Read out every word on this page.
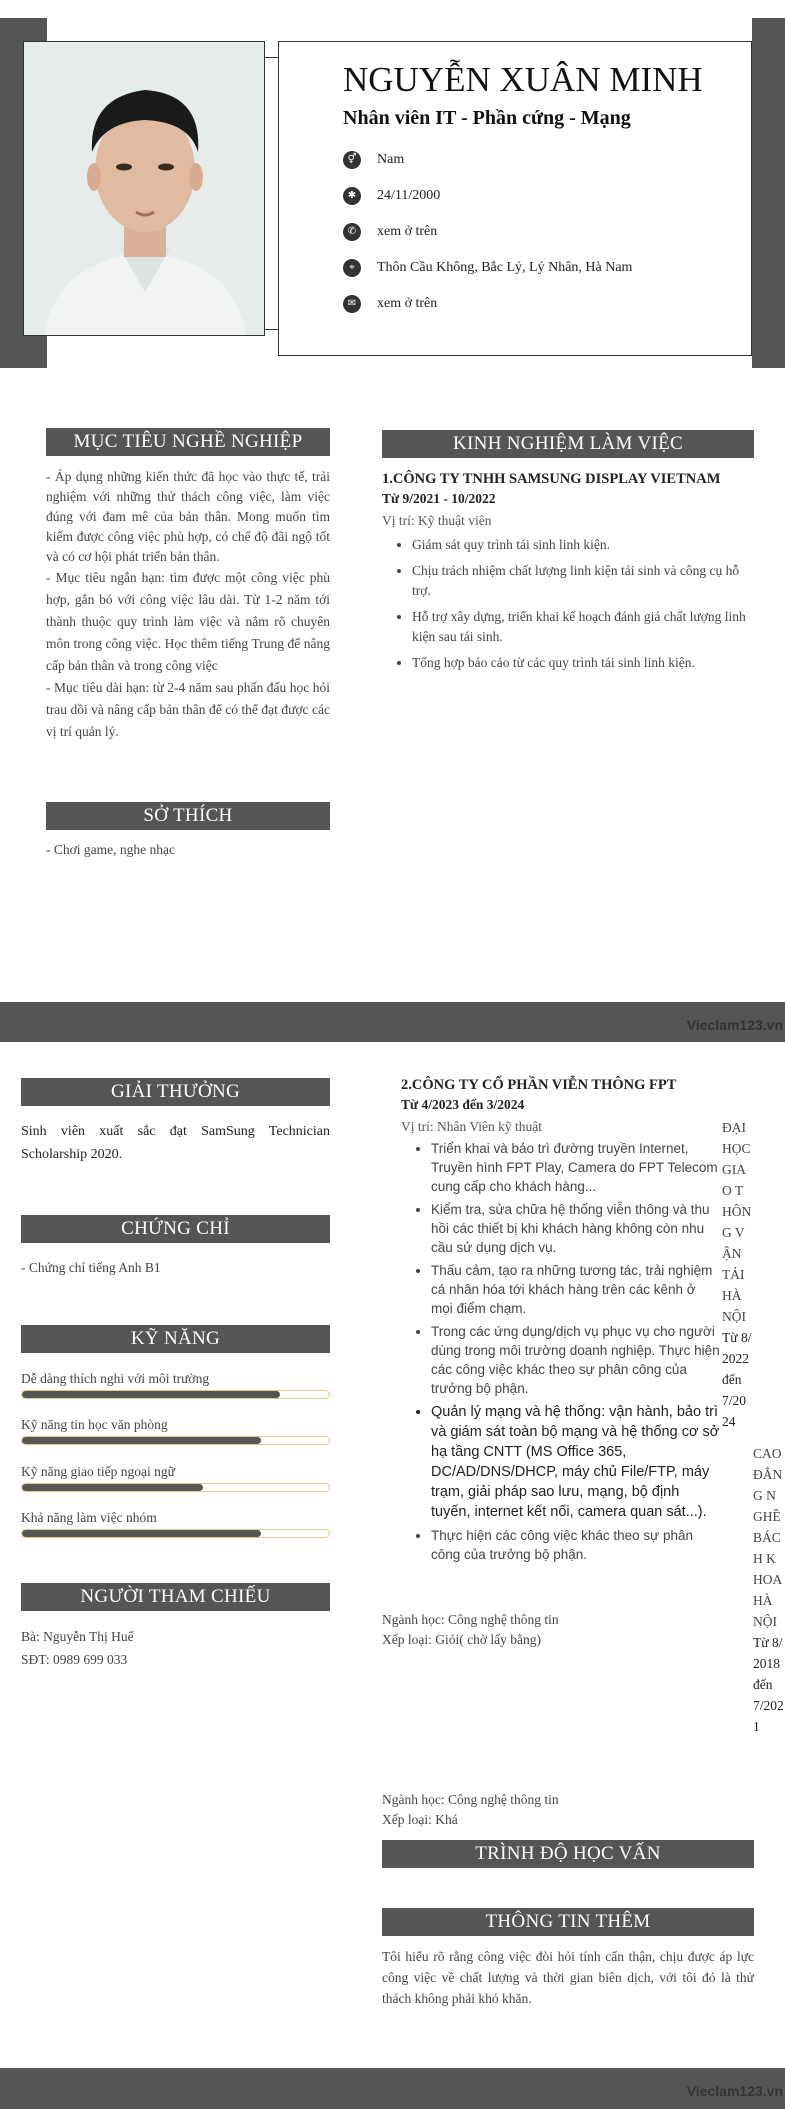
NGUYỄN XUÂN MINH
Nhân viên IT - Phần cứng - Mạng
⚥	Nam
✱	24/11/2000
✆	xem ở trên
⌖	Thôn Cầu Không, Bắc Lý, Lý Nhân, Hà Nam
✉	xem ở trên
MỤC TIÊU NGHỀ NGHIỆP

- Áp dụng những kiến thức đã học vào thực tế, trải nghiệm với những thử thách công việc, làm việc đúng với đam mê của bản thân. Mong muốn tìm kiếm được công việc phù hợp, có chế độ đãi ngộ tốt và có cơ hội phát triển bản thân.

- Mục tiêu ngắn hạn: tìm được một công việc phù hợp, gắn bó với công việc lâu dài. Từ 1-2 năm tới thành thuộc quy trình làm việc và nắm rõ chuyên môn trong công việc. Học thêm tiếng Trung để nâng cấp bản thân và trong công việc

- Mục tiêu dài hạn: từ 2-4 năm sau phấn đấu học hỏi trau dồi và nâng cấp bản thân để có thể đạt được các vị trí quản lý.

SỞ THÍCH
- Chơi game, nghe nhạc
KINH NGHIỆM LÀM VIỆC
1.CÔNG TY TNHH SAMSUNG DISPLAY VIETNAM
Từ 9/2021 - 10/2022
Vị trí: Kỹ thuật viên
• Giám sát quy trình tái sinh linh kiện.
• Chịu trách nhiệm chất lượng linh kiện tái sinh và công cụ hỗ trợ.
• Hỗ trợ xây dựng, triển khai kế hoạch đánh giá chất lượng linh kiện sau tái sinh.
• Tổng hợp báo cáo từ các quy trình tái sinh linh kiện.
Vieclam123.vn
GIẢI THƯỞNG
Sinh viên xuất sắc đạt SamSung Technician Scholarship 2020.
CHỨNG CHỈ
- Chứng chỉ tiếng Anh B1
KỸ NĂNG
Dễ dàng thích nghi với môi trường
Kỹ năng tin học văn phòng
Kỹ năng giao tiếp ngoại ngữ
Khả năng làm việc nhóm
NGƯỜI THAM CHIẾU
Bà: Nguyễn Thị Huế
SĐT: 0989 699 033
2.CÔNG TY CỔ PHẦN VIỄN THÔNG FPT
Từ 4/2023 đến 3/2024
Vị trí: Nhân Viên kỹ thuật
• Triển khai và bảo trì đường truyền Internet, Truyền hình FPT Play, Camera do FPT Telecom cung cấp cho khách hàng...
• Kiểm tra, sửa chữa hệ thống viễn thông và thu hồi các thiết bị khi khách hàng không còn nhu cầu sử dụng dịch vụ.
• Thấu cảm, tạo ra những tương tác, trải nghiệm cá nhân hóa tới khách hàng trên các kênh ở mọi điểm chạm.
• Trong các ứng dụng/dịch vụ phục vụ cho người dùng trong môi trường doanh nghiệp. Thực hiện các công việc khác theo sự phân công của trưởng bộ phận.
• Quản lý mạng và hệ thống: vận hành, bảo trì và giám sát toàn bộ mạng và hệ thống cơ sở hạ tầng CNTT (MS Office 365, DC/AD/DNS/DHCP, máy chủ File/FTP, máy trạm, giải pháp sao lưu, mạng, bộ định tuyến, internet kết nối, camera quan sát...).
• Thực hiện các công việc khác theo sự phân công của trưởng bộ phận.
ĐẠI HỌC GIAO THÔNG VẬN TẢI HÀ NỘI
Từ 8/2022 đến 7/2024
CAO ĐẲNG NGHỀ BÁCH KHOA HÀ NỘI
Từ 8/2018 đến 7/2021
Ngành học: Công nghệ thông tin
Xếp loại: Giỏi( chờ lấy bằng)
Ngành học: Công nghệ thông tin
Xếp loại: Khá
TRÌNH ĐỘ HỌC VẤN
THÔNG TIN THÊM
Tôi hiểu rõ rằng công việc đòi hỏi tính cẩn thận, chịu được áp lực công việc về chất lượng và thời gian biên dịch, với tôi đó là thử thách không phải khó khăn.
Vieclam123.vn
